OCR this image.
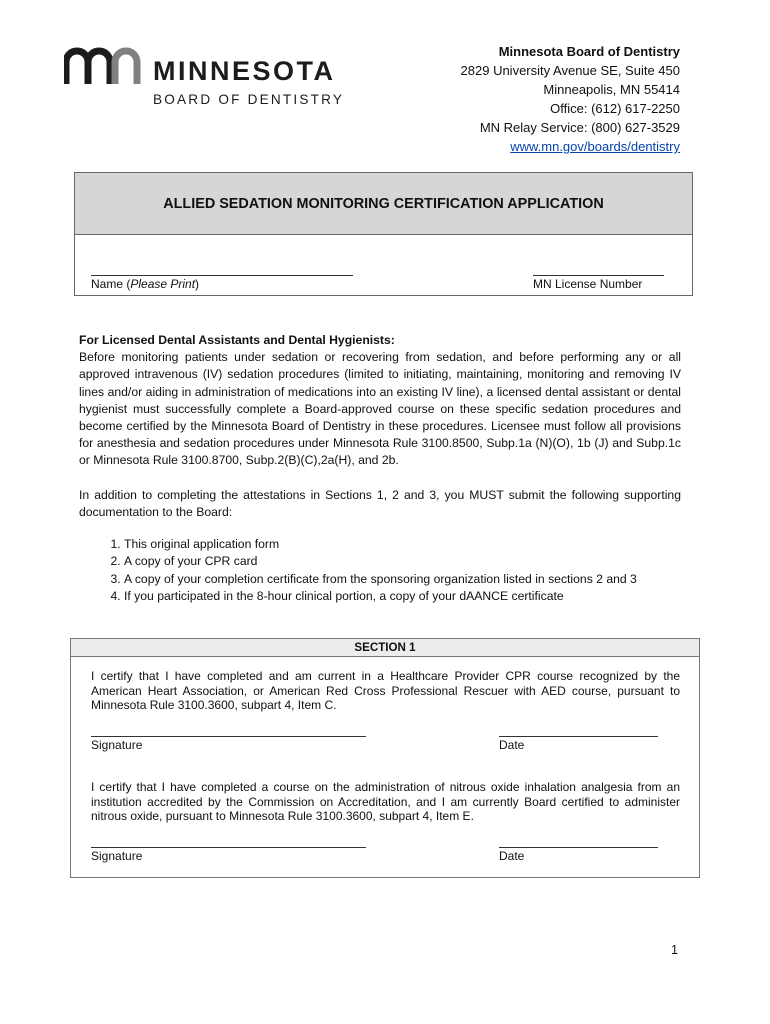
MINNESOTA
BOARD OF DENTISTRY
Minnesota Board of Dentistry
2829 University Avenue SE, Suite 450
Minneapolis, MN 55414
Office: (612) 617-2250
MN Relay Service: (800) 627-3529
www.mn.gov/boards/dentistry
ALLIED SEDATION MONITORING CERTIFICATION APPLICATION
Name (Please Print)	MN License Number

For Licensed Dental Assistants and Dental Hygienists:

Before monitoring patients under sedation or recovering from sedation, and before performing any or all approved intravenous (IV) sedation procedures (limited to initiating, maintaining, monitoring and removing IV lines and/or aiding in administration of medications into an existing IV line), a licensed dental assistant or dental hygienist must successfully complete a Board-approved course on these specific sedation procedures and become certified by the Minnesota Board of Dentistry in these procedures. Licensee must follow all provisions for anesthesia and sedation procedures under Minnesota Rule 3100.8500, Subp.1a (N)(O), 1b (J) and Subp.1c or Minnesota Rule 3100.8700, Subp.2(B)(C),2a(H), and 2b.

In addition to completing the attestations in Sections 1, 2 and 3, you MUST submit the following supporting documentation to the Board:

1. This original application form
2. A copy of your CPR card
3. A copy of your completion certificate from the sponsoring organization listed in sections 2 and 3
4. If you participated in the 8-hour clinical portion, a copy of your dAANCE certificate
SECTION 1
I certify that I have completed and am current in a Healthcare Provider CPR course recognized by the American Heart Association, or American Red Cross Professional Rescuer with AED course, pursuant to Minnesota Rule 3100.3600, subpart 4, Item C.
Signature	Date
I certify that I have completed a course on the administration of nitrous oxide inhalation analgesia from an institution accredited by the Commission on Accreditation, and I am currently Board certified to administer nitrous oxide, pursuant to Minnesota Rule 3100.3600, subpart 4, Item E.
Signature	Date
1
